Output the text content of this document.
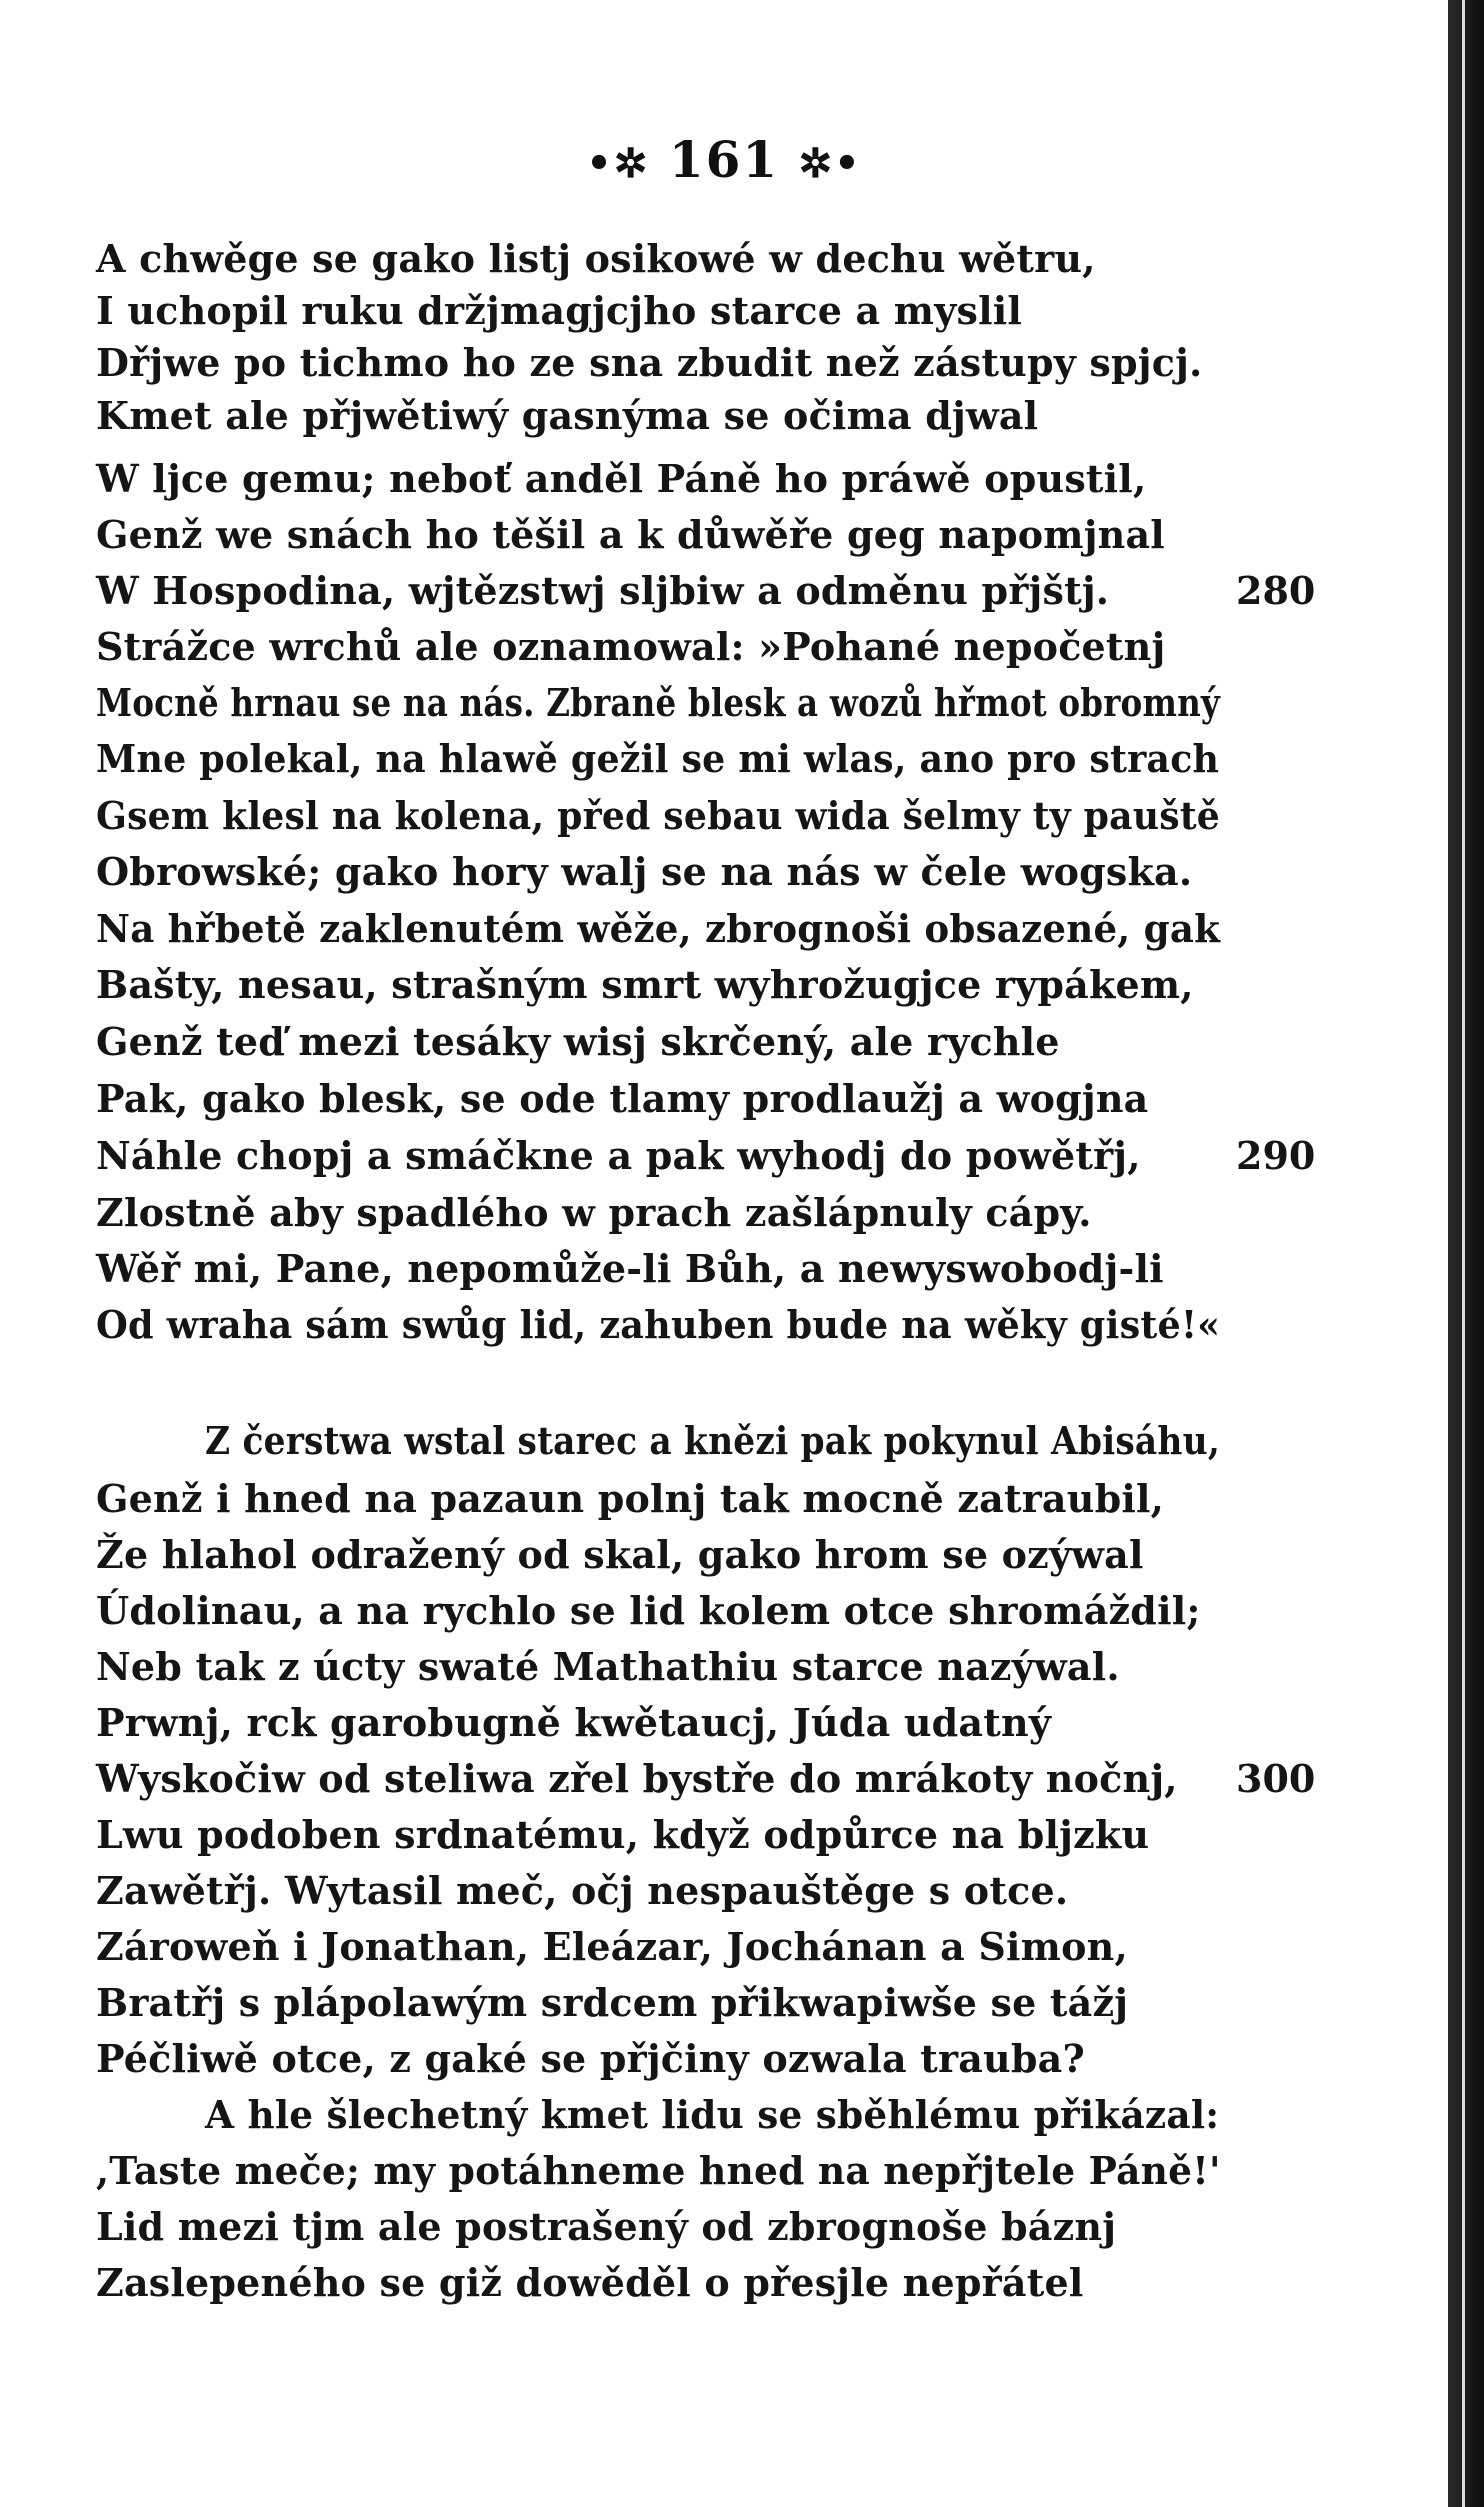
•✲ 161 ✲•
A chwěge se gako listj osikowé w dechu wětru,
I uchopil ruku držjmagjcjho starce a myslil
Dřjwe po tichmo ho ze sna zbudit než zástupy spjcj.
Kmet ale přjwětiwý gasnýma se očima djwal
W ljce gemu; neboť anděl Páně ho práwě opustil,
Genž we snách ho těšil a k důwěře geg napomjnal
W Hospodina, wjtězstwj sljbiw a odměnu přjštj.	280
Strážce wrchů ale oznamowal: »Pohané nepočetnj
Mocně hrnau se na nás. Zbraně blesk a wozů hřmot obromný
Mne polekal, na hlawě gežil se mi wlas, ano pro strach
Gsem klesl na kolena, před sebau wida šelmy ty pauště
Obrowské; gako hory walj se na nás w čele wogska.
Na hřbetě zaklenutém wěže, zbrognoši obsazené, gak
Bašty, nesau, strašným smrt wyhrožugjce rypákem,
Genž teď mezi tesáky wisj skrčený, ale rychle
Pak, gako blesk, se ode tlamy prodlaužj a wogjna
Náhle chopj a smáčkne a pak wyhodj do powětřj,	290
Zlostně aby spadlého w prach zašlápnuly cápy.
Wěř mi, Pane, nepomůže-li Bůh, a newyswobodj-li
Od wraha sám swůg lid, zahuben bude na wěky gisté!«
Z čerstwa wstal starec a knězi pak pokynul Abisáhu,
Genž i hned na pazaun polnj tak mocně zatraubil,
Že hlahol odražený od skal, gako hrom se ozýwal
Údolinau, a na rychlo se lid kolem otce shromáždil;
Neb tak z úcty swaté Mathathiu starce nazýwal.
Prwnj, rck garobugně kwětaucj, Júda udatný
Wyskočiw od steliwa zřel bystře do mrákoty nočnj, 300
Lwu podoben srdnatému, když odpůrce na bljzku
Zawětřj. Wytasil meč, očj nespauštěge s otce.
Zároweň i Jonathan, Eleázar, Jochánan a Simon,
Bratřj s plápolawým srdcem přikwapiwše se tážj
Péčliwě otce, z gaké se přjčiny ozwala trauba?
A hle šlechetný kmet lidu se sběhlému přikázal:
,Taste meče; my potáhneme hned na nepřjtele Páně!'
Lid mezi tjm ale postrašený od zbrognoše báznj
Zaslepeného se giž dowěděl o přesjle nepřátel
